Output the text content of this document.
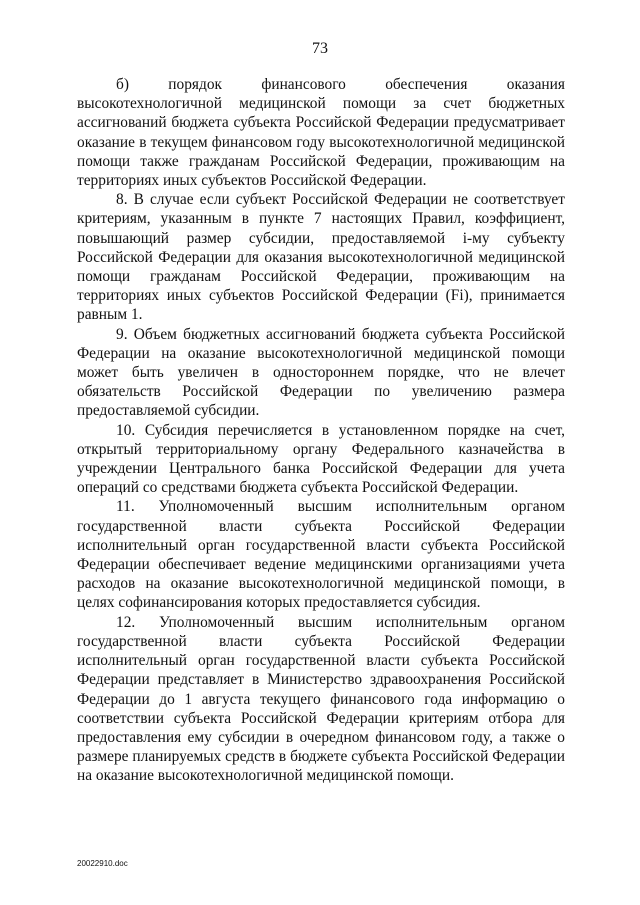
73

б) порядок финансового обеспечения оказания высокотехнологичной медицинской помощи за счет бюджетных ассигнований бюджета субъекта Российской Федерации предусматривает оказание в текущем финансовом году высокотехнологичной медицинской помощи также гражданам Российской Федерации, проживающим на территориях иных субъектов Российской Федерации.

8. В случае если субъект Российской Федерации не соответствует критериям, указанным в пункте 7 настоящих Правил, коэффициент, повышающий размер субсидии, предоставляемой i-му субъекту Российской Федерации для оказания высокотехнологичной медицинской помощи гражданам Российской Федерации, проживающим на территориях иных субъектов Российской Федерации (Fi), принимается равным 1.

9. Объем бюджетных ассигнований бюджета субъекта Российской Федерации на оказание высокотехнологичной медицинской помощи может быть увеличен в одностороннем порядке, что не влечет обязательств Российской Федерации по увеличению размера предоставляемой субсидии.

10. Субсидия перечисляется в установленном порядке на счет, открытый территориальному органу Федерального казначейства в учреждении Центрального банка Российской Федерации для учета операций со средствами бюджета субъекта Российской Федерации.

11. Уполномоченный высшим исполнительным органом государственной власти субъекта Российской Федерации исполнительный орган государственной власти субъекта Российской Федерации обеспечивает ведение медицинскими организациями учета расходов на оказание высокотехнологичной медицинской помощи, в целях софинансирования которых предоставляется субсидия.

12. Уполномоченный высшим исполнительным органом государственной власти субъекта Российской Федерации исполнительный орган государственной власти субъекта Российской Федерации представляет в Министерство здравоохранения Российской Федерации до 1 августа текущего финансового года информацию о соответствии субъекта Российской Федерации критериям отбора для предоставления ему субсидии в очередном финансовом году, а также о размере планируемых средств в бюджете субъекта Российской Федерации на оказание высокотехнологичной медицинской помощи.

20022910.doc
